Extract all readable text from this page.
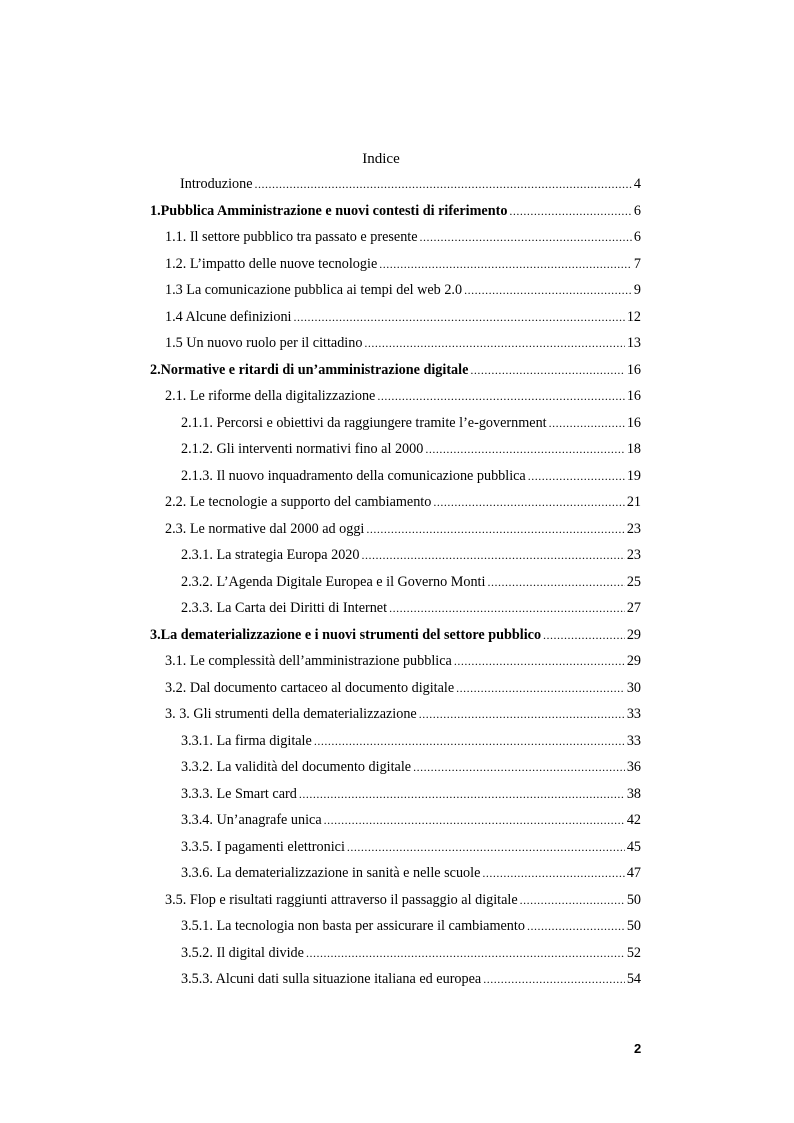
Indice
Introduzione .....	4
1. Pubblica Amministrazione e nuovi contesti di riferimento .....	6
1.1. Il settore pubblico tra passato e presente .....	6
1.2. L’impatto delle nuove tecnologie .....	7
1.3 La comunicazione pubblica ai tempi del web 2.0 .....	9
1.4 Alcune definizioni .....	12
1.5 Un nuovo ruolo per il cittadino .....	13
2. Normative e ritardi di un’amministrazione digitale .....	16
2.1. Le riforme della digitalizzazione .....	16
2.1.1. Percorsi e obiettivi da raggiungere tramite l’e-government .....	16
2.1.2. Gli interventi normativi fino al 2000 .....	18
2.1.3. Il nuovo inquadramento della comunicazione pubblica .....	19
2.2. Le tecnologie a supporto del cambiamento .....	21
2.3. Le normative dal 2000 ad oggi .....	23
2.3.1. La strategia Europa 2020 .....	23
2.3.2. L’Agenda Digitale Europea e il Governo Monti .....	25
2.3.3. La Carta dei Diritti di Internet .....	27
3. La dematerializzazione e i nuovi strumenti del settore pubblico .....	29
3.1. Le complessità dell’amministrazione pubblica .....	29
3.2. Dal documento cartaceo al documento digitale .....	30
3. 3. Gli strumenti della dematerializzazione .....	33
3.3.1. La firma digitale .....	33
3.3.2. La validità del documento digitale .....	36
3.3.3. Le Smart card .....	38
3.3.4. Un’anagrafe unica .....	42
3.3.5. I pagamenti elettronici .....	45
3.3.6. La dematerializzazione in sanità e nelle scuole .....	47
3.5. Flop e risultati raggiunti attraverso il passaggio al digitale .....	50
3.5.1. La tecnologia non basta per assicurare il cambiamento .....	50
3.5.2. Il digital divide .....	52
3.5.3. Alcuni dati sulla situazione italiana ed europea .....	54
2
